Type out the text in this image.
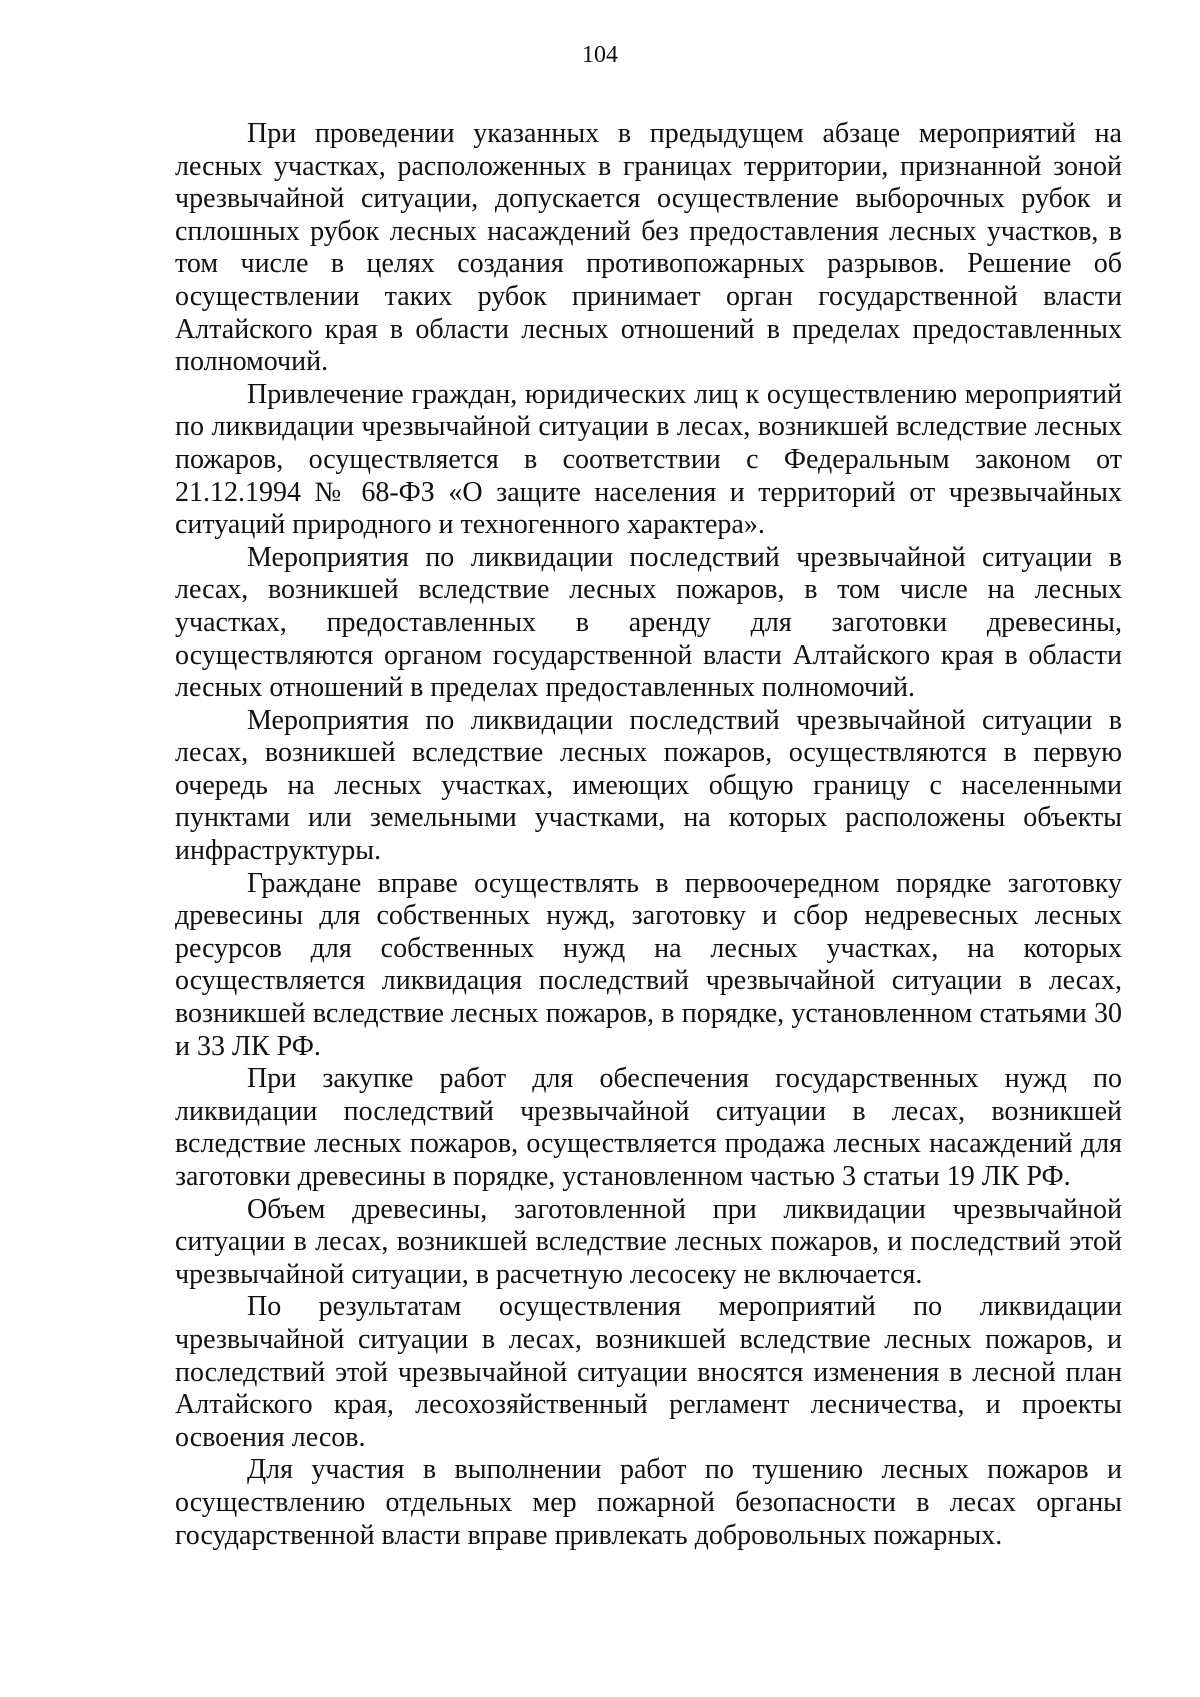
104

При проведении указанных в предыдущем абзаце мероприятий на лесных участках, расположенных в границах территории, признанной зоной чрезвычайной ситуации, допускается осуществление выборочных рубок и сплошных рубок лесных насаждений без предоставления лесных участков, в том числе в целях создания противопожарных разрывов. Решение об осуществлении таких рубок принимает орган государственной власти Алтайского края в области лесных отношений в пределах предоставленных полномочий.

Привлечение граждан, юридических лиц к осуществлению мероприятий по ликвидации чрезвычайной ситуации в лесах, возникшей вследствие лесных пожаров, осуществляется в соответствии с Федеральным законом от 21.12.1994 № 68-ФЗ «О защите населения и территорий от чрезвычайных ситуаций природного и техногенного характера».

Мероприятия по ликвидации последствий чрезвычайной ситуации в лесах, возникшей вследствие лесных пожаров, в том числе на лесных участках, предоставленных в аренду для заготовки древесины, осуществляются органом государственной власти Алтайского края в области лесных отношений в пределах предоставленных полномочий.

Мероприятия по ликвидации последствий чрезвычайной ситуации в лесах, возникшей вследствие лесных пожаров, осуществляются в первую очередь на лесных участках, имеющих общую границу с населенными пунктами или земельными участками, на которых расположены объекты инфраструктуры.

Граждане вправе осуществлять в первоочередном порядке заготовку древесины для собственных нужд, заготовку и сбор недревесных лесных ресурсов для собственных нужд на лесных участках, на которых осуществляется ликвидация последствий чрезвычайной ситуации в лесах, возникшей вследствие лесных пожаров, в порядке, установленном статьями 30 и 33 ЛК РФ.

При закупке работ для обеспечения государственных нужд по ликвидации последствий чрезвычайной ситуации в лесах, возникшей вследствие лесных пожаров, осуществляется продажа лесных насаждений для заготовки древесины в порядке, установленном частью 3 статьи 19 ЛК РФ.

Объем древесины, заготовленной при ликвидации чрезвычайной ситуации в лесах, возникшей вследствие лесных пожаров, и последствий этой чрезвычайной ситуации, в расчетную лесосеку не включается.

По результатам осуществления мероприятий по ликвидации чрезвычайной ситуации в лесах, возникшей вследствие лесных пожаров, и последствий этой чрезвычайной ситуации вносятся изменения в лесной план Алтайского края, лесохозяйственный регламент лесничества, и проекты освоения лесов.

Для участия в выполнении работ по тушению лесных пожаров и осуществлению отдельных мер пожарной безопасности в лесах органы государственной власти вправе привлекать добровольных пожарных.
